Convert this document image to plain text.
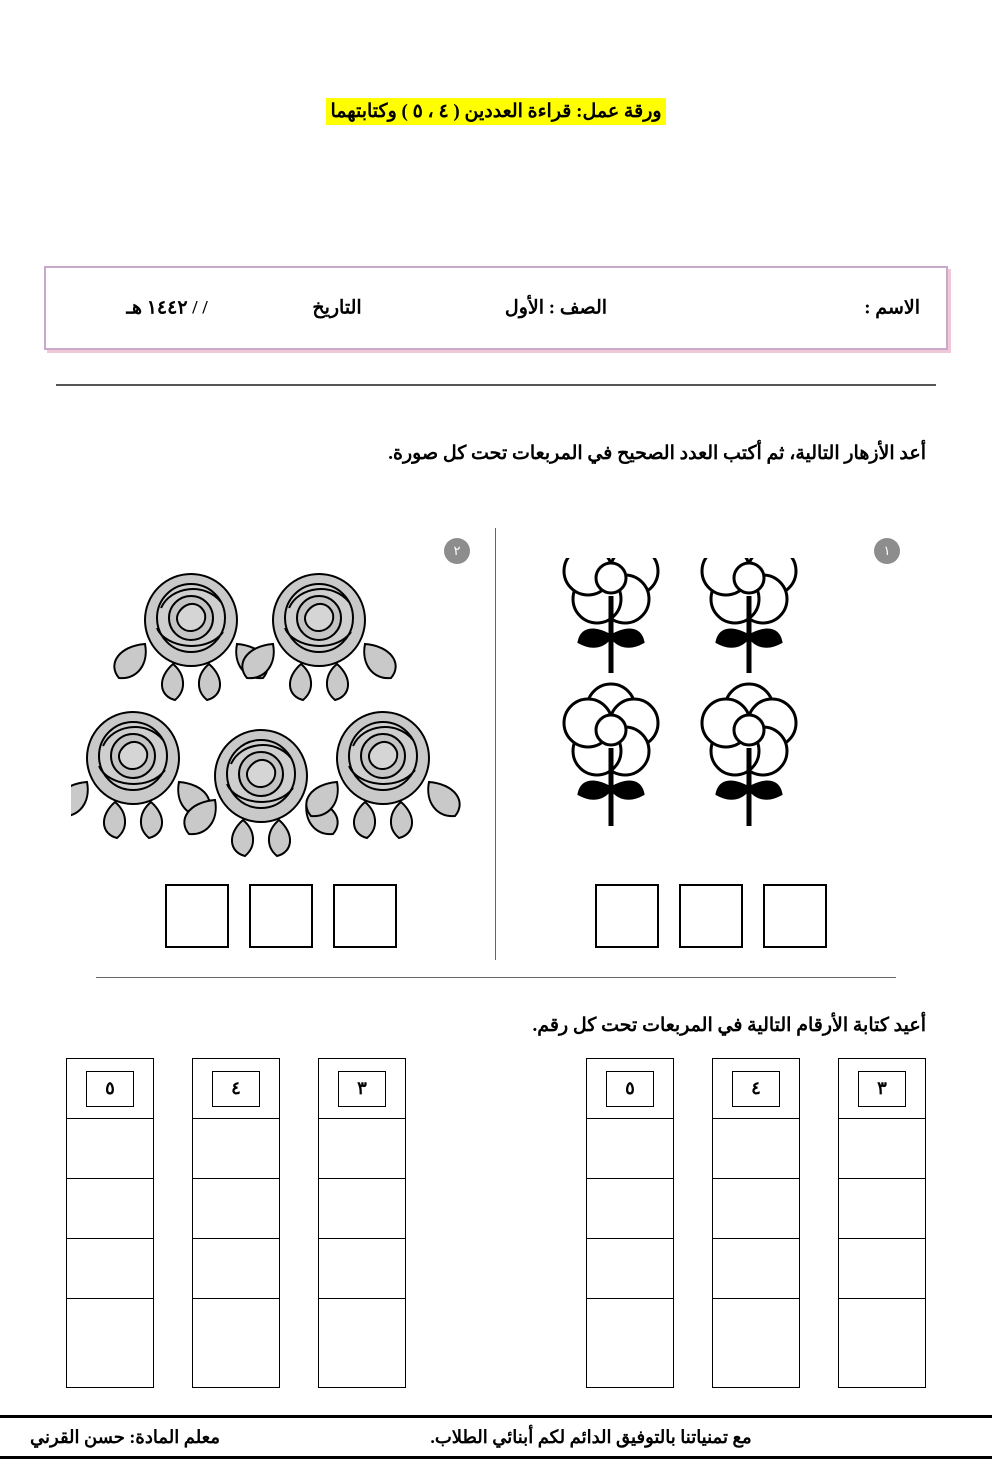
ورقة عمل: قراءة العددين ( ٤ ، ٥ ) وكتابتهما
الاسم :
الصف : الأول
التاريخ
/ / ١٤٤٢ هـ
أعد الأزهار التالية، ثم أكتب العدد الصحيح في المربعات تحت كل صورة.
١
٢
أعيد كتابة الأرقام التالية في المربعات تحت كل رقم.
٣
٤
٥
٣
٤
٥
مع تمنياتنا بالتوفيق الدائم لكم أبنائي الطلاب.
معلم المادة: حسن القرني
